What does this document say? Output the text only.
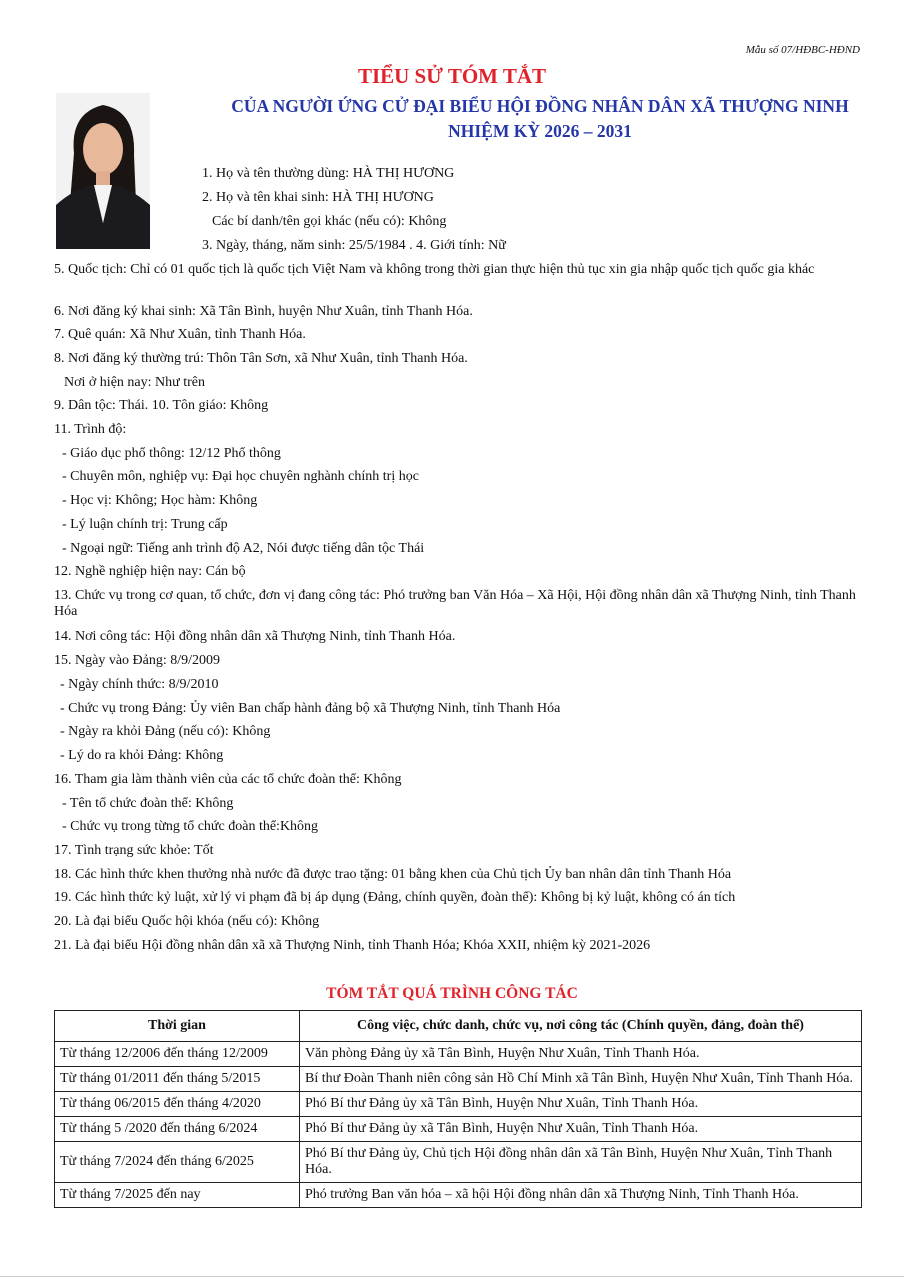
Mẫu số 07/HĐBC-HĐND
TIỂU SỬ TÓM TẮT
CỦA NGƯỜI ỨNG CỬ ĐẠI BIỂU HỘI ĐỒNG NHÂN DÂN XÃ THƯỢNG NINH
NHIỆM KỲ 2026 – 2031
1. Họ và tên thường dùng: HÀ THỊ HƯƠNG
2. Họ và tên khai sinh: HÀ THỊ HƯƠNG
Các bí danh/tên gọi khác (nếu có): Không
3. Ngày, tháng, năm sinh: 25/5/1984 . 4. Giới tính: Nữ
5. Quốc tịch: Chỉ có 01 quốc tịch là quốc tịch Việt Nam và không trong thời gian thực hiện thủ tục xin gia nhập quốc tịch quốc gia khác
6. Nơi đăng ký khai sinh: Xã Tân Bình, huyện Như Xuân, tỉnh Thanh Hóa.
7. Quê quán: Xã Như Xuân, tỉnh Thanh Hóa.
8. Nơi đăng ký thường trú: Thôn Tân Sơn, xã Như Xuân, tỉnh Thanh Hóa.
Nơi ở hiện nay: Như trên
9. Dân tộc: Thái. 10. Tôn giáo: Không
11. Trình độ:
- Giáo dục phổ thông: 12/12 Phổ thông
- Chuyên môn, nghiệp vụ: Đại học chuyên nghành chính trị học
- Học vị: Không; Học hàm: Không
- Lý luận chính trị: Trung cấp
- Ngoại ngữ: Tiếng anh trình độ A2, Nói được tiếng dân tộc Thái
12. Nghề nghiệp hiện nay: Cán bộ
13. Chức vụ trong cơ quan, tổ chức, đơn vị đang công tác: Phó trưởng ban Văn Hóa – Xã Hội, Hội đồng nhân dân xã Thượng Ninh, tỉnh Thanh Hóa
14. Nơi công tác: Hội đồng nhân dân xã Thượng Ninh, tỉnh Thanh Hóa.
15. Ngày vào Đảng: 8/9/2009
- Ngày chính thức: 8/9/2010
- Chức vụ trong Đảng: Ủy viên Ban chấp hành đảng bộ xã Thượng Ninh, tỉnh Thanh Hóa
- Ngày ra khỏi Đảng (nếu có): Không
- Lý do ra khỏi Đảng: Không
16. Tham gia làm thành viên của các tổ chức đoàn thể: Không
- Tên tổ chức đoàn thể: Không
- Chức vụ trong từng tổ chức đoàn thể:Không
17. Tình trạng sức khỏe: Tốt
18. Các hình thức khen thưởng nhà nước đã được trao tặng: 01 bằng khen của Chủ tịch Ủy ban nhân dân tỉnh Thanh Hóa
19. Các hình thức kỷ luật, xử lý vi phạm đã bị áp dụng (Đảng, chính quyền, đoàn thể): Không bị kỷ luật, không có án tích
20. Là đại biểu Quốc hội khóa (nếu có): Không
21. Là đại biểu Hội đồng nhân dân xã xã Thượng Ninh, tỉnh Thanh Hóa; Khóa XXII, nhiệm kỳ 2021-2026
TÓM TẮT QUÁ TRÌNH CÔNG TÁC
Thời gian	Công việc, chức danh, chức vụ, nơi công tác (Chính quyền, đảng, đoàn thể)
Từ tháng 12/2006 đến tháng 12/2009	Văn phòng Đảng ủy xã Tân Bình, Huyện Như Xuân, Tỉnh Thanh Hóa.
Từ tháng 01/2011 đến tháng 5/2015	Bí thư Đoàn Thanh niên công sản Hồ Chí Minh xã Tân Bình, Huyện Như Xuân, Tỉnh Thanh Hóa.
Từ tháng 06/2015 đến tháng 4/2020	Phó Bí thư Đảng ủy xã Tân Bình, Huyện Như Xuân, Tỉnh Thanh Hóa.
Từ tháng 5 /2020 đến tháng 6/2024	Phó Bí thư Đảng ủy xã Tân Bình, Huyện Như Xuân, Tỉnh Thanh Hóa.
Từ tháng 7/2024 đến tháng 6/2025	Phó Bí thư Đảng ủy, Chủ tịch Hội đồng nhân dân xã Tân Bình, Huyện Như Xuân, Tỉnh Thanh Hóa.
Từ tháng 7/2025 đến nay	Phó trưởng Ban văn hóa – xã hội Hội đồng nhân dân xã Thượng Ninh, Tỉnh Thanh Hóa.
